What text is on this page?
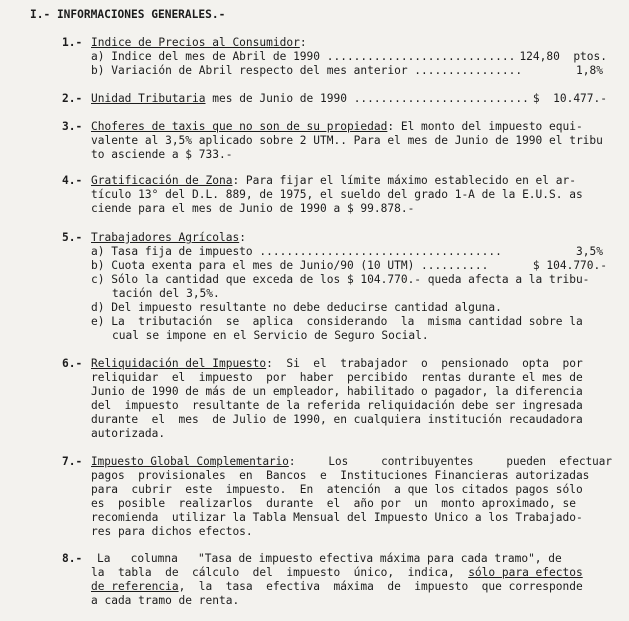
I.- INFORMACIONES GENERALES.-
1.- Indice de Precios al Consumidor:
a) Indice del mes de Abril de 1990 ............................ 124,80  ptos.
b) Variación de Abril respecto del mes anterior ................	1,8%
2.- Unidad Tributaria mes de Junio de 1990 .......................... $  10.477.-
3.- Choferes de taxis que no son de su propiedad: El monto del impuesto equi-
valente al 3,5% aplicado sobre 2 UTM.. Para el mes de Junio de 1990 el tribu
to asciende a $ 733.-
4.- Gratificación de Zona: Para fijar el límite máximo establecido en el ar-
tículo 13° del D.L. 889, de 1975, el sueldo del grado 1-A de la E.U.S. as
ciende para el mes de Junio de 1990 a $ 99.878.-
5.- Trabajadores Agrícolas:
a) Tasa fija de impuesto ....................................	3,5%
b) Cuota exenta para el mes de Junio/90 (10 UTM) ..........	$ 104.770.-
c) Sólo la cantidad que exceda de los $ 104.770.- queda afecta a la tribu-
tación del 3,5%.
d) Del impuesto resultante no debe deducirse cantidad alguna.
e) La  tributación  se  aplica  considerando  la  misma cantidad sobre la
cual se impone en el Servicio de Seguro Social.
6.- Reliquidación del Impuesto:  Si  el  trabajador  o  pensionado  opta  por
reliquidar  el  impuesto  por  haber  percibido  rentas durante el mes de
Junio de 1990 de más de un empleador, habilitado o pagador, la diferencia
del  impuesto  resultante de la referida reliquidación debe ser ingresada
durante  el  mes  de Julio de 1990, en cualquiera institución recaudadora
autorizada.
7.- Impuesto Global Complementario:     Los     contribuyentes     pueden  efectuar
pagos  provisionales  en  Bancos  e  Instituciones Financieras autorizadas
para  cubrir  este  impuesto.  En  atención  a que los citados pagos sólo
es  posible  realizarlos  durante  el  año por  un  monto aproximado, se
recomienda  utilizar la Tabla Mensual del Impuesto Unico a los Trabajado-
res para dichos efectos.
8.- La   columna   "Tasa de impuesto efectiva máxima para cada tramo", de
la  tabla  de  cálculo  del  impuesto  único,  indica,  sólo para efectos
de referencia,  la  tasa  efectiva  máxima  de  impuesto  que corresponde
a cada tramo de renta.
